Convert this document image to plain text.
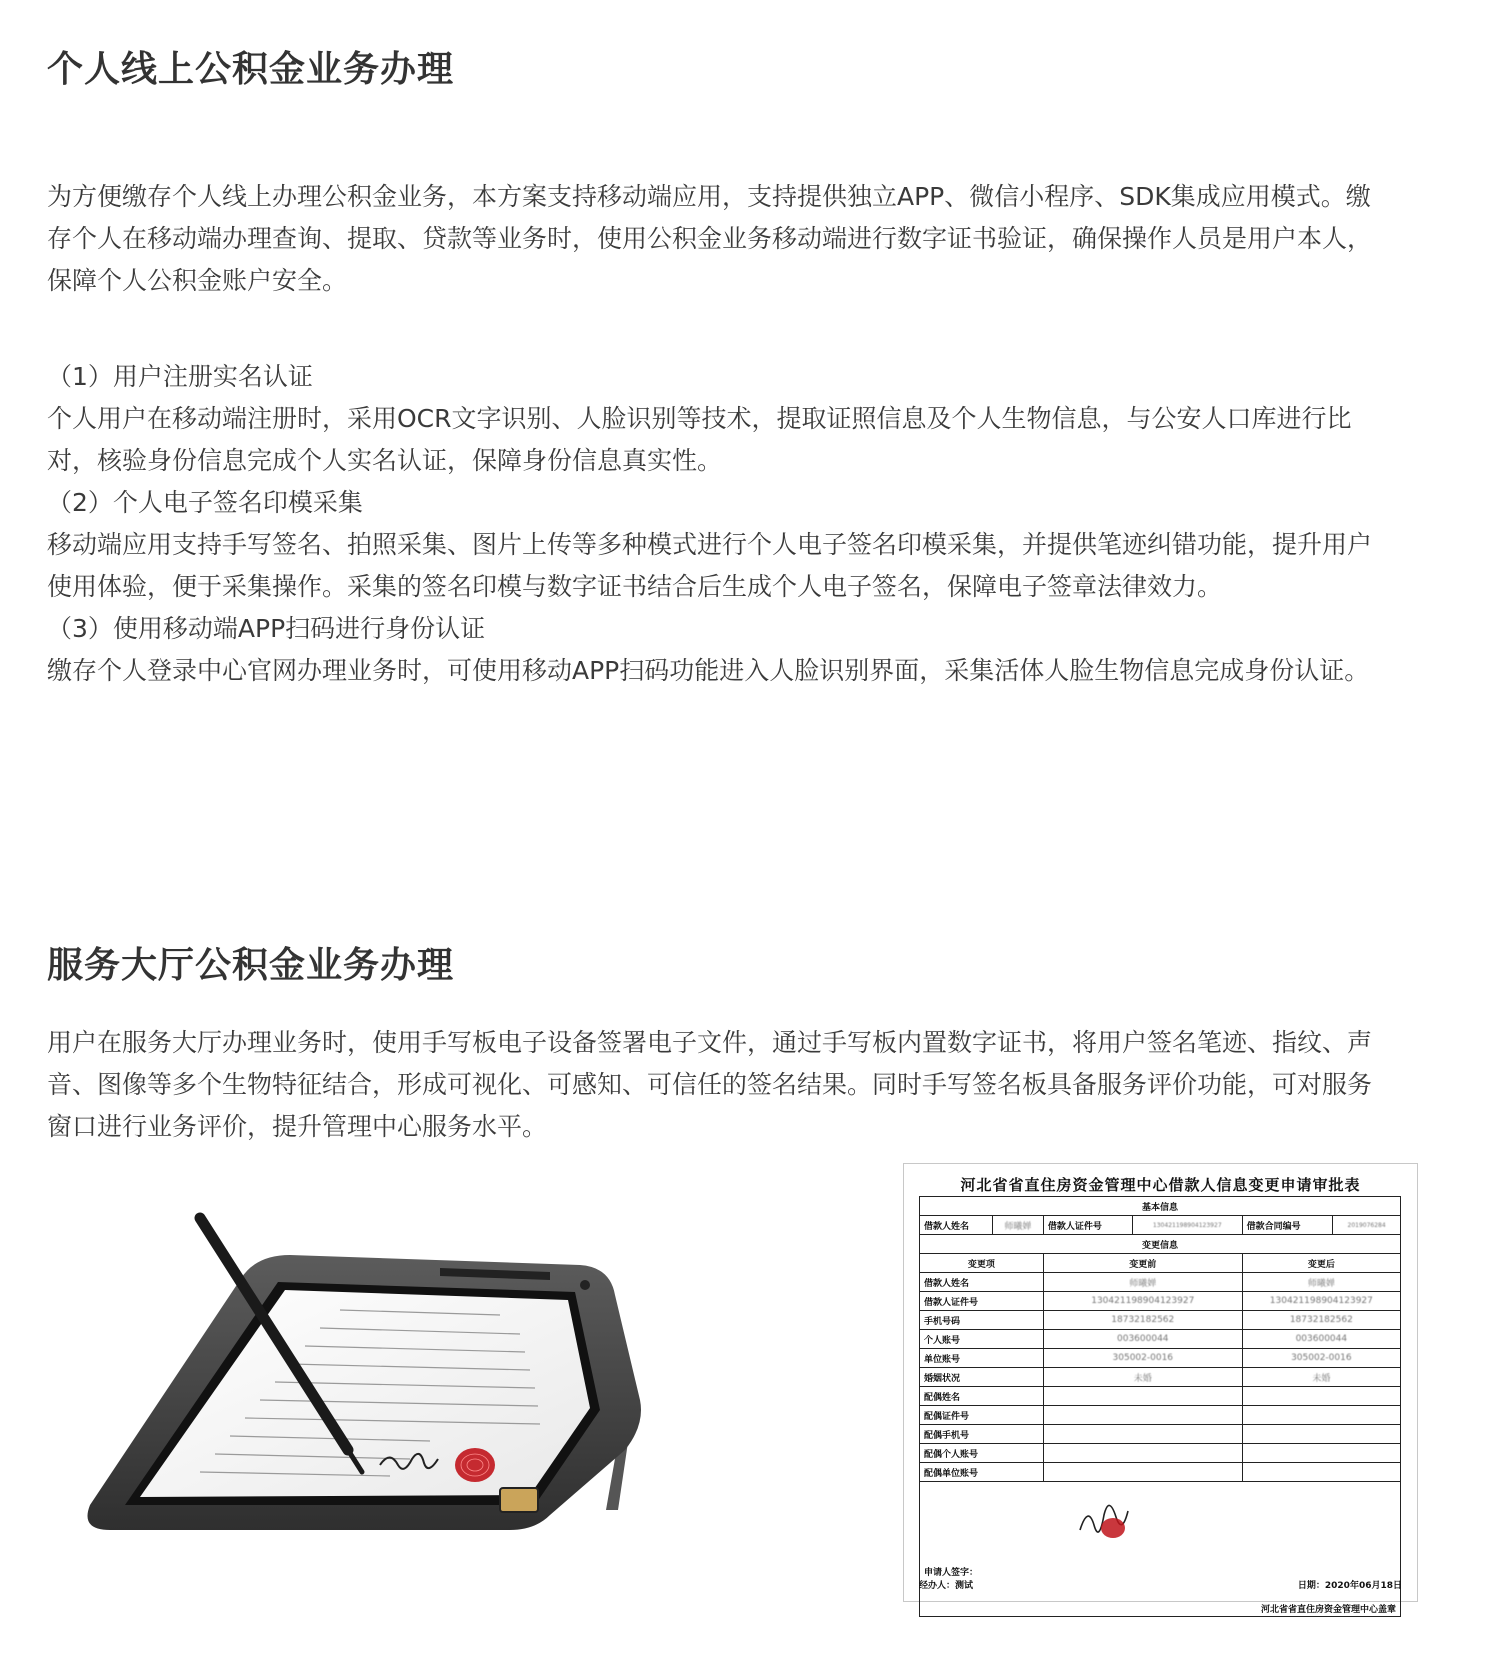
个人线上公积金业务办理

为方便缴存个人线上办理公积金业务，本方案支持移动端应用，支持提供独立APP、微信小程序、SDK集成应用模式。缴

存个人在移动端办理查询、提取、贷款等业务时，使用公积金业务移动端进行数字证书验证，确保操作人员是用户本人，

保障个人公积金账户安全。

（1）用户注册实名认证

个人用户在移动端注册时，采用OCR文字识别、人脸识别等技术，提取证照信息及个人生物信息，与公安人口库进行比

对，核验身份信息完成个人实名认证，保障身份信息真实性。

（2）个人电子签名印模采集

移动端应用支持手写签名、拍照采集、图片上传等多种模式进行个人电子签名印模采集，并提供笔迹纠错功能，提升用户

使用体验，便于采集操作。采集的签名印模与数字证书结合后生成个人电子签名，保障电子签章法律效力。

（3）使用移动端APP扫码进行身份认证

缴存个人登录中心官网办理业务时，可使用移动APP扫码功能进入人脸识别界面，采集活体人脸生物信息完成身份认证。

服务大厅公积金业务办理

用户在服务大厅办理业务时，使用手写板电子设备签署电子文件，通过手写板内置数字证书，将用户签名笔迹、指纹、声

音、图像等多个生物特征结合，形成可视化、可感知、可信任的签名结果。同时手写签名板具备服务评价功能，可对服务

窗口进行业务评价，提升管理中心服务水平。

河北省省直住房资金管理中心借款人信息变更申请审批表
基本信息					
借款人姓名	师曦婵	借款人证件号	130421198904123927	借款合同编号	2019076284
变更信息					
变更项		变更前		变更后	
借款人姓名		师曦婵		师曦婵	
借款人证件号		130421198904123927		130421198904123927	
手机号码		18732182562		18732182562	
个人账号		003600044		003600044	
单位账号		305002-0016		305002-0016	
婚姻状况		未婚		未婚	
配偶姓名					
配偶证件号					
配偶手机号					
配偶个人账号					
配偶单位账号					
申请人签字：					

河北省省直住房资金管理中心盖章					
经办人：测试	日期：2020年06月18日
